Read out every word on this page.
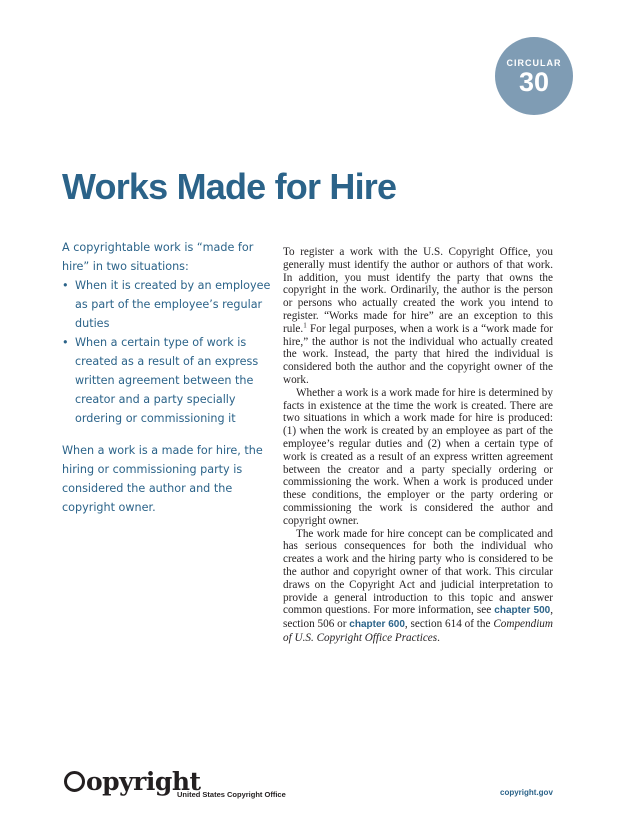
CIRCULAR
30
Works Made for Hire

A copyrightable work is “made for hire” in two situations:

• When it is created by an employee as part of the employee’s regular duties
• When a certain type of work is created as a result of an express written agreement between the creator and a party specially ordering or commissioning it

When a work is a made for hire, the hiring or commissioning party is considered the author and the copyright owner.

To register a work with the U.S. Copyright Office, you generally must identify the author or authors of that work. In addition, you must identify the party that owns the copyright in the work. Ordinarily, the author is the person or persons who actually created the work you intend to register. “Works made for hire” are an exception to this rule.$^1$ For legal purposes, when a work is a “work made for hire,” the author is not the individual who actually created the work. Instead, the party that hired the individual is considered both the author and the copyright owner of the work.

Whether a work is a work made for hire is determined by facts in existence at the time the work is created. There are two situations in which a work made for hire is produced: (1) when the work is created by an employee as part of the employee’s regular duties and (2) when a certain type of work is created as a result of an express written agreement between the creator and a party specially ordering or commissioning the work. When a work is produced under these conditions, the employer or the party ordering or commissioning the work is considered the author and copyright owner.

The work made for hire concept can be complicated and has serious consequences for both the individual who creates a work and the hiring party who is considered to be the author and copyright owner of that work. This circular draws on the Copyright Act and judicial interpretation to provide a general introduction to this topic and answer common questions. For more information, see chapter 500, section 506 or chapter 600, section 614 of the Compendium of U.S. Copyright Office Practices.

opyright
United States Copyright Office	copyright.gov
